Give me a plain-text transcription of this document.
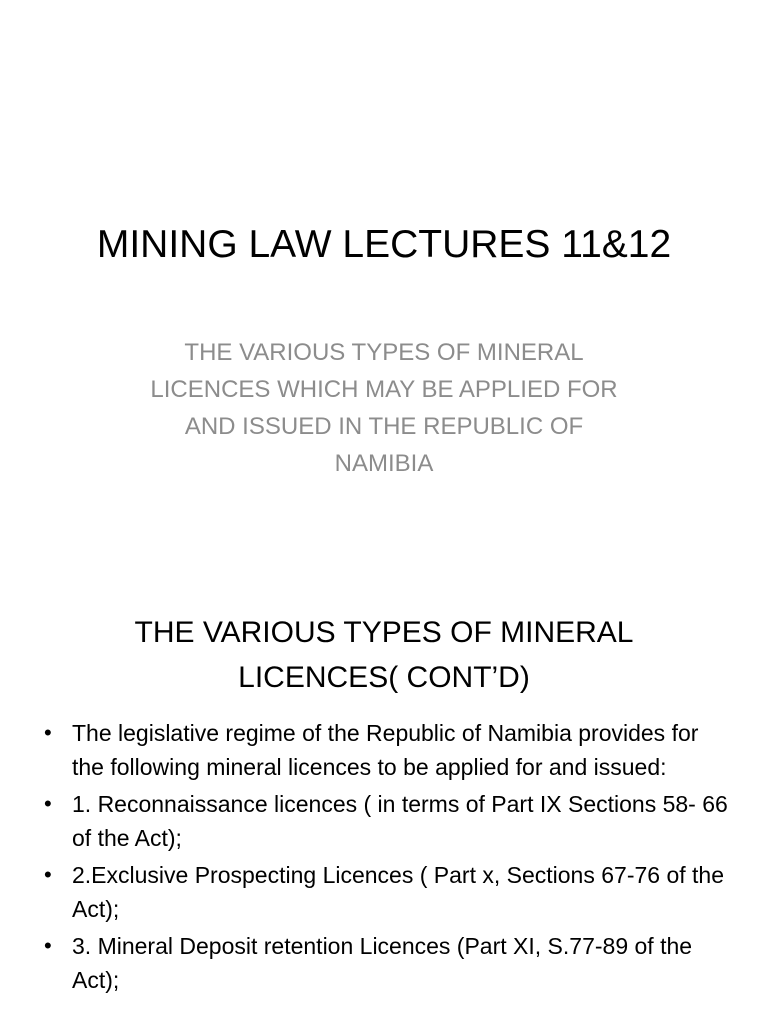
MINING LAW LECTURES 11&12

THE VARIOUS TYPES OF MINERAL LICENCES WHICH MAY BE APPLIED FOR AND ISSUED IN THE REPUBLIC OF NAMIBIA

THE VARIOUS TYPES OF MINERAL LICENCES( CONT’D)
• The legislative regime of the Republic of Namibia provides for the following mineral licences to be applied for and issued:
• 1. Reconnaissance licences ( in terms of Part IX Sections 58- 66 of the Act);
• 2.Exclusive Prospecting Licences ( Part x, Sections 67-76 of the Act);
• 3. Mineral Deposit retention Licences (Part XI, S.77-89 of the Act);
